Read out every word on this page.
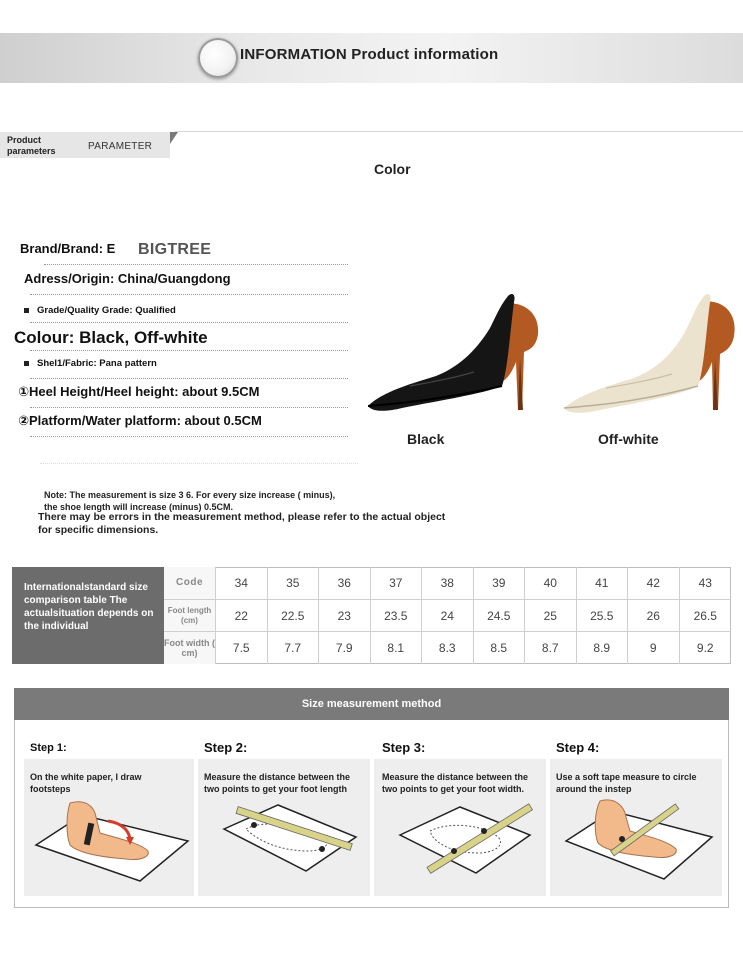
INFORMATION Product information
Product
parameters	PARAMETER
Color
Brand/Brand: E BIGTREE
Adress/Origin: China/Guangdong
Grade/Quality Grade: Qualified
Colour: Black, Off-white
Shel1/Fabric: Pana pattern
①Heel Height/Heel height: about 9.5CM
②Platform/Water platform: about 0.5CM
Black	Off-white
Note: The measurement is size 3 6. For every size increase ( minus), the shoe length will increase (minus) 0.5CM.
There may be errors in the measurement method, please refer to the actual object for specific dimensions.
Internationalstandard size comparison table The actualsituation depends on the individual
Code	34	35	36	37	38	39	40	41	42	43
Foot length (cm)	22	22.5	23	23.5	24	24.5	25	25.5	26	26.5
Foot width ( cm)	7.5	7.7	7.9	8.1	8.3	8.5	8.7	8.9	9	9.2
Size measurement method
Step 1:	Step 2:	Step 3:	Step 4:
On the white paper, I draw footsteps
Measure the distance between the two points to get your foot length
Measure the distance between the two points to get your foot width.
Use a soft tape measure to circle around the instep
